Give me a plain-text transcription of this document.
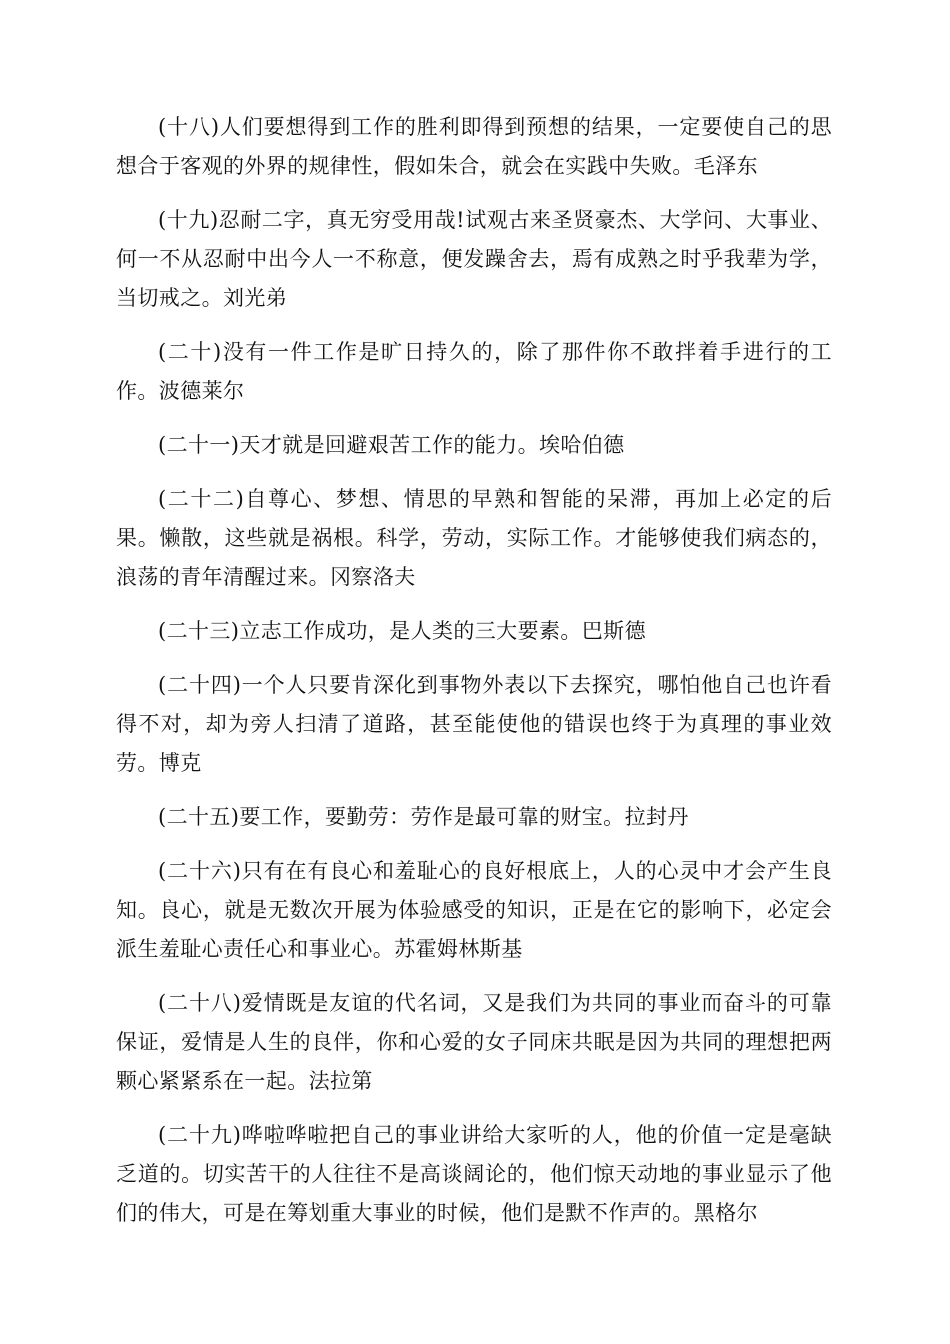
(十八)人们要想得到工作的胜利即得到预想的结果，一定要使自己的思想合于客观的外界的规律性，假如朱合，就会在实践中失败。毛泽东

(十九)忍耐二字，真无穷受用哉!试观古来圣贤豪杰、大学问、大事业、何一不从忍耐中出今人一不称意，便发躁舍去，焉有成熟之时乎我辈为学，当切戒之。刘光弟

(二十)没有一件工作是旷日持久的，除了那件你不敢拌着手进行的工作。波德莱尔

(二十一)天才就是回避艰苦工作的能力。埃哈伯德

(二十二)自尊心、梦想、情思的早熟和智能的呆滞，再加上必定的后果。懒散，这些就是祸根。科学，劳动，实际工作。才能够使我们病态的，浪荡的青年清醒过来。冈察洛夫

(二十三)立志工作成功，是人类的三大要素。巴斯德

(二十四)一个人只要肯深化到事物外表以下去探究，哪怕他自己也许看得不对，却为旁人扫清了道路，甚至能使他的错误也终于为真理的事业效劳。博克

(二十五)要工作，要勤劳：劳作是最可靠的财宝。拉封丹

(二十六)只有在有良心和羞耻心的良好根底上，人的心灵中才会产生良知。良心，就是无数次开展为体验感受的知识，正是在它的影响下，必定会派生羞耻心责任心和事业心。苏霍姆林斯基

(二十八)爱情既是友谊的代名词，又是我们为共同的事业而奋斗的可靠保证，爱情是人生的良伴，你和心爱的女子同床共眠是因为共同的理想把两颗心紧紧系在一起。法拉第

(二十九)哗啦哗啦把自己的事业讲给大家听的人，他的价值一定是毫缺乏道的。切实苦干的人往往不是高谈阔论的，他们惊天动地的事业显示了他们的伟大，可是在筹划重大事业的时候，他们是默不作声的。黑格尔
